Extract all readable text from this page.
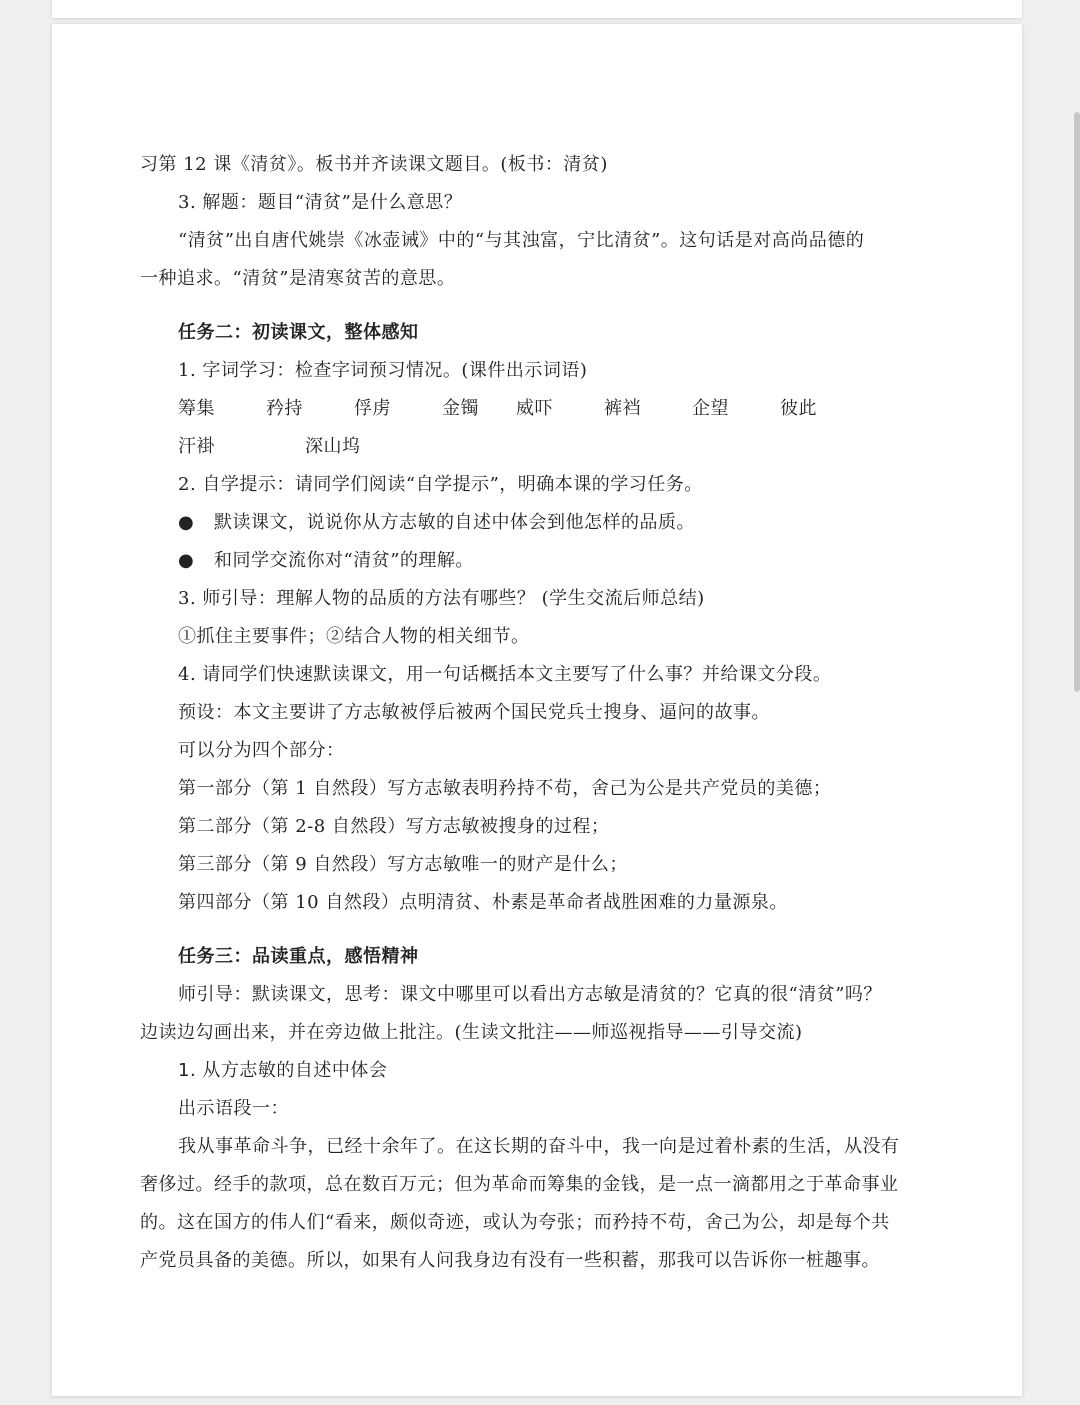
习第 12 课《清贫》。板书并齐读课文题目。(板书：清贫)
3. 解题：题目“清贫”是什么意思？
“清贫”出自唐代姚崇《冰壶诫》中的“与其浊富，宁比清贫”。这句话是对高尚品德的
一种追求。“清贫”是清寒贫苦的意思。
任务二：初读课文，整体感知
1. 字词学习：检查字词预习情况。(课件出示词语)
筹集	矜持	俘虏	金镯	威吓	裤裆	企望	彼此
汗褂	深山坞
2. 自学提示：请同学们阅读“自学提示”，明确本课的学习任务。
●	默读课文，说说你从方志敏的自述中体会到他怎样的品质。
●	和同学交流你对“清贫”的理解。
3. 师引导：理解人物的品质的方法有哪些？ (学生交流后师总结)
①抓住主要事件；②结合人物的相关细节。
4. 请同学们快速默读课文，用一句话概括本文主要写了什么事？并给课文分段。
预设：本文主要讲了方志敏被俘后被两个国民党兵士搜身、逼问的故事。
可以分为四个部分：
第一部分（第 1 自然段）写方志敏表明矜持不苟，舍己为公是共产党员的美德；
第二部分（第 2-8 自然段）写方志敏被搜身的过程；
第三部分（第 9 自然段）写方志敏唯一的财产是什么；
第四部分（第 10 自然段）点明清贫、朴素是革命者战胜困难的力量源泉。
任务三：品读重点，感悟精神
师引导：默读课文，思考：课文中哪里可以看出方志敏是清贫的？它真的很“清贫”吗？
边读边勾画出来，并在旁边做上批注。(生读文批注——师巡视指导——引导交流)
1. 从方志敏的自述中体会
出示语段一：
我从事革命斗争，已经十余年了。在这长期的奋斗中，我一向是过着朴素的生活，从没有
奢侈过。经手的款项，总在数百万元；但为革命而筹集的金钱，是一点一滴都用之于革命事业
的。这在国方的伟人们“看来，颇似奇迹，或认为夸张；而矜持不苟，舍己为公，却是每个共
产党员具备的美德。所以，如果有人问我身边有没有一些积蓄，那我可以告诉你一桩趣事。
